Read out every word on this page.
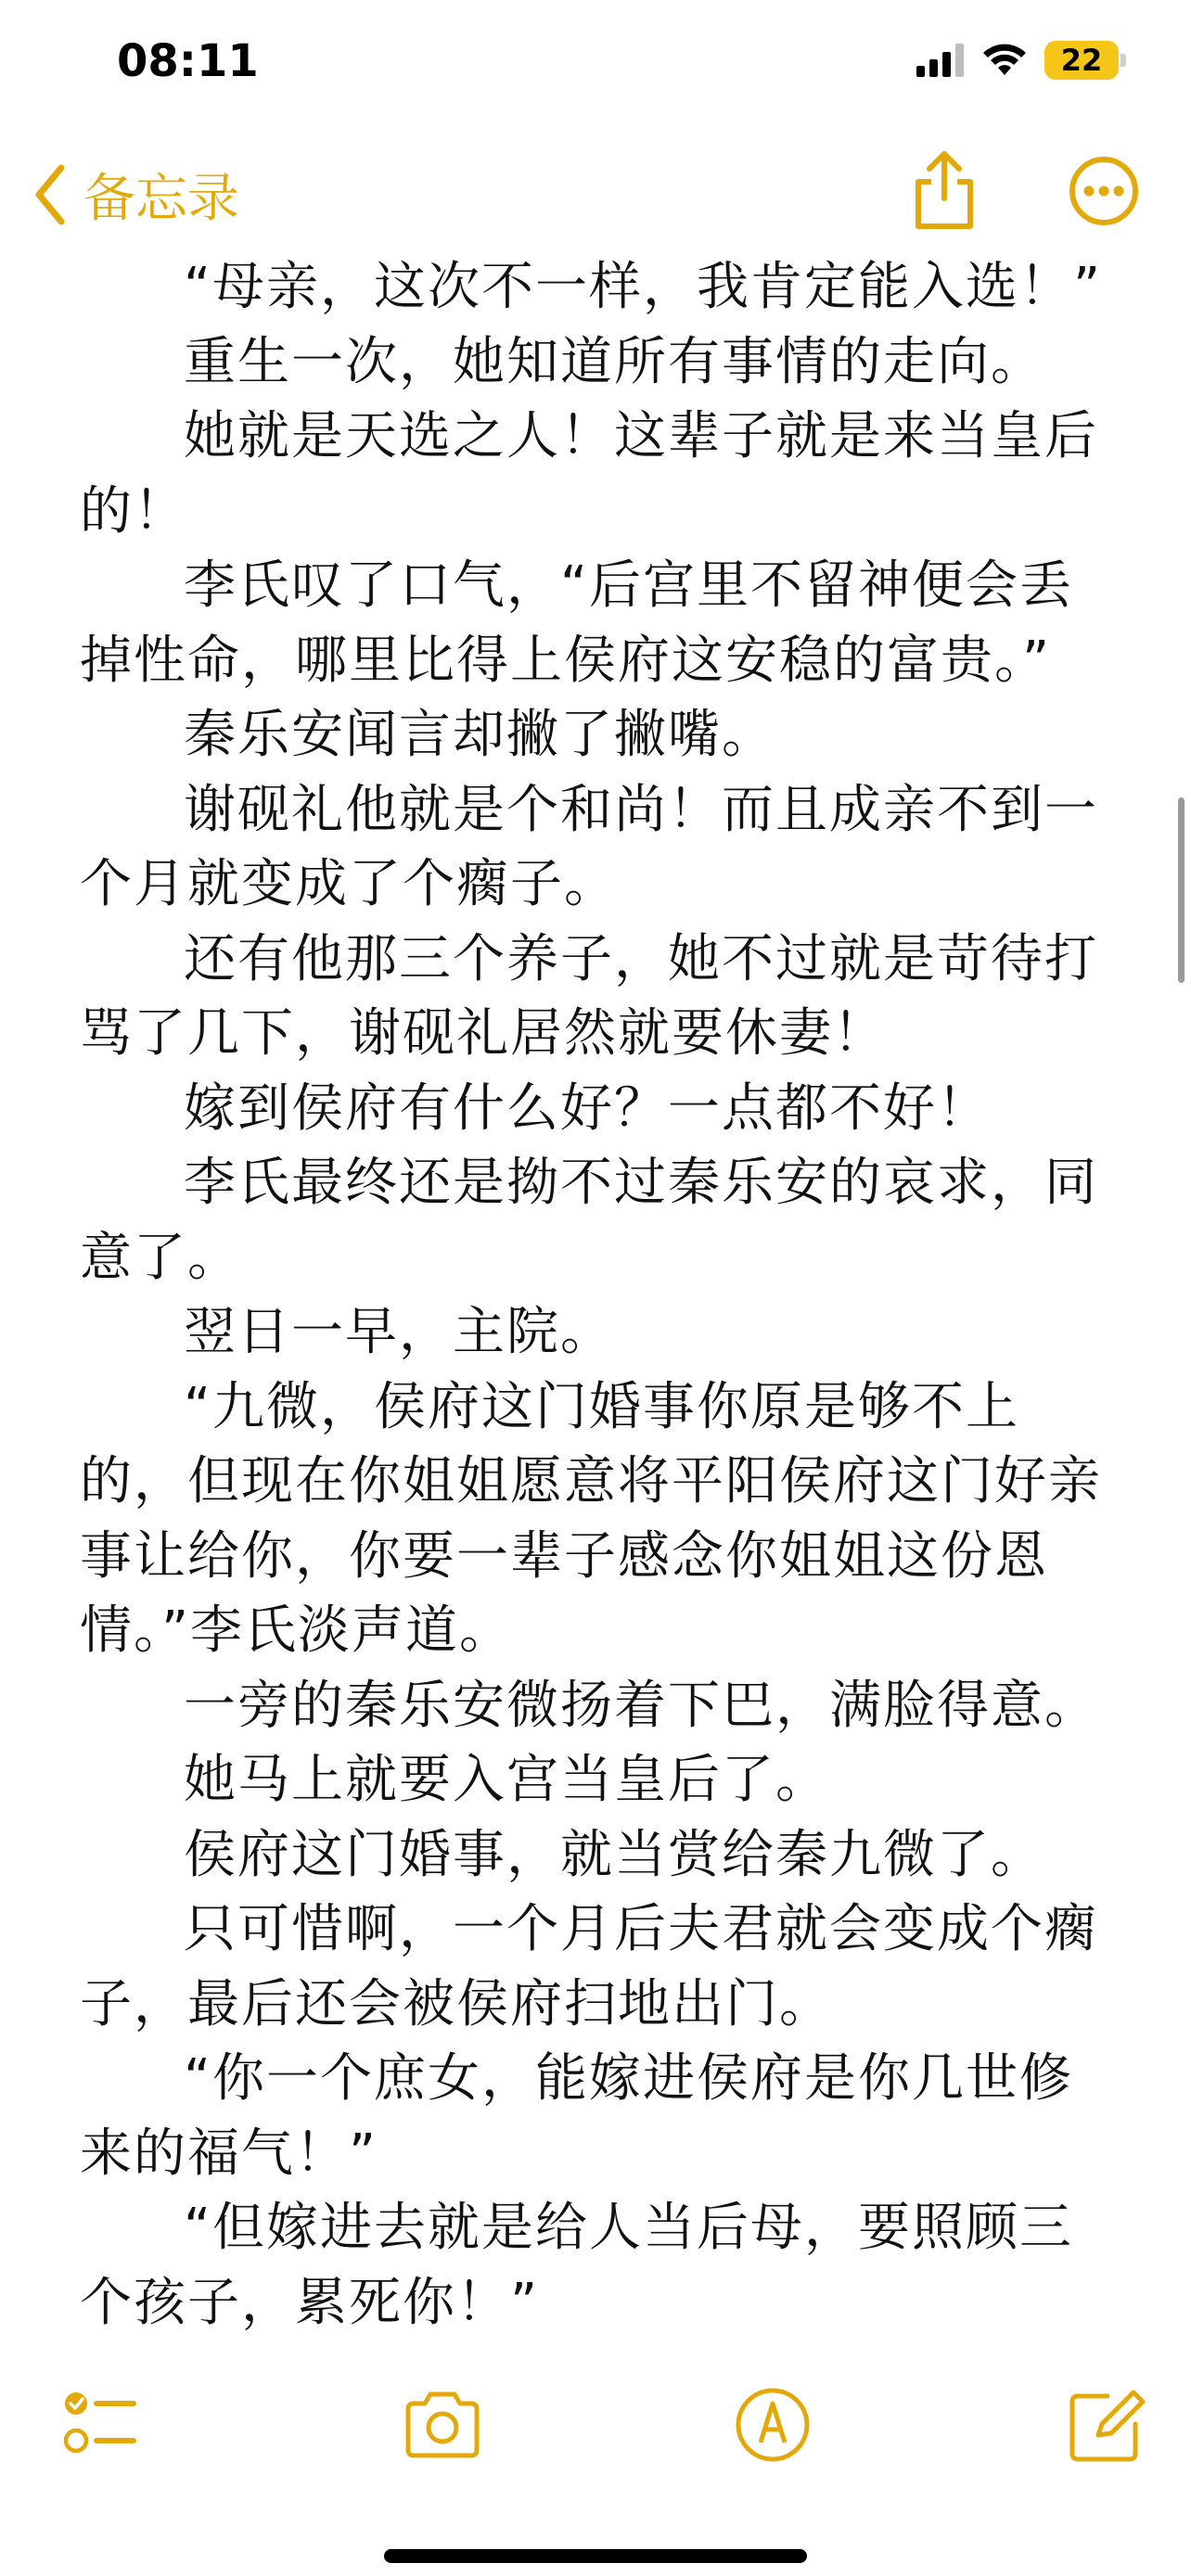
08:11	22
备忘录

“母亲，这次不一样，我肯定能入选！”

重生一次，她知道所有事情的走向。

她就是天选之人！这辈子就是来当皇后的！

李氏叹了口气，“后宫里不留神便会丢掉性命，哪里比得上侯府这安稳的富贵。”

秦乐安闻言却撇了撇嘴。

谢砚礼他就是个和尚！而且成亲不到一个月就变成了个瘸子。

还有他那三个养子，她不过就是苛待打骂了几下，谢砚礼居然就要休妻！

嫁到侯府有什么好？一点都不好！

李氏最终还是拗不过秦乐安的哀求，同意了。

翌日一早，主院。

“九微，侯府这门婚事你原是够不上的，但现在你姐姐愿意将平阳侯府这门好亲事让给你，你要一辈子感念你姐姐这份恩情。”李氏淡声道。

一旁的秦乐安微扬着下巴，满脸得意。

她马上就要入宫当皇后了。

侯府这门婚事，就当赏给秦九微了。

只可惜啊，一个月后夫君就会变成个瘸子，最后还会被侯府扫地出门。

“你一个庶女，能嫁进侯府是你几世修来的福气！”

“但嫁进去就是给人当后母，要照顾三个孩子，累死你！”
